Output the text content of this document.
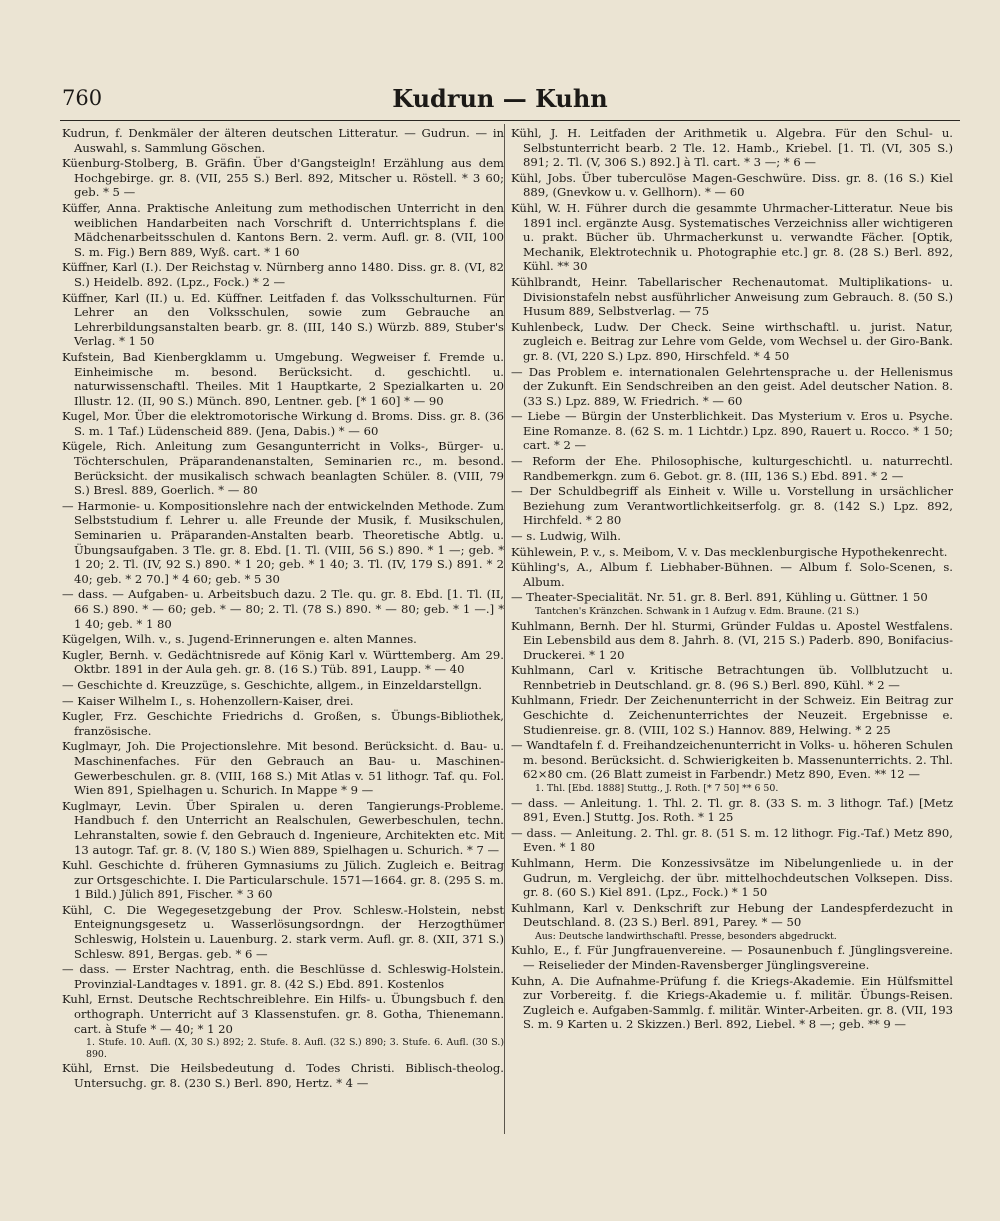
760	Kudrun — Kuhn

Kudrun, f. Denkmäler der älteren deutschen Litteratur. — Gudrun. — in Auswahl, s. Sammlung Göschen.

Küenburg-Stolberg, B. Gräfin. Über d'Gangsteigln! Erzählung aus dem Hochgebirge. gr. 8. (VII, 255 S.) Berl. 892, Mitscher u. Röstell. * 3 60; geb. * 5 —

Küffer, Anna. Praktische Anleitung zum methodischen Unterricht in den weiblichen Handarbeiten nach Vorschrift d. Unterrichtsplans f. die Mädchenarbeitsschulen d. Kantons Bern. 2. verm. Aufl. gr. 8. (VII, 100 S. m. Fig.) Bern 889, Wyß. cart. * 1 60

Küffner, Karl (I.). Der Reichstag v. Nürnberg anno 1480. Diss. gr. 8. (VI, 82 S.) Heidelb. 892. (Lpz., Fock.) * 2 —

Küffner, Karl (II.) u. Ed. Küffner. Leitfaden f. das Volksschulturnen. Für Lehrer an den Volksschulen, sowie zum Gebrauche an Lehrerbildungsanstalten bearb. gr. 8. (III, 140 S.) Würzb. 889, Stuber's Verlag. * 1 50

Kufstein, Bad Kienbergklamm u. Umgebung. Wegweiser f. Fremde u. Einheimische m. besond. Berücksicht. d. geschichtl. u. naturwissenschaftl. Theiles. Mit 1 Hauptkarte, 2 Spezialkarten u. 20 Illustr. 12. (II, 90 S.) Münch. 890, Lentner. geb. [* 1 60] * — 90

Kugel, Mor. Über die elektromotorische Wirkung d. Broms. Diss. gr. 8. (36 S. m. 1 Taf.) Lüdenscheid 889. (Jena, Dabis.) * — 60

Kügele, Rich. Anleitung zum Gesangunterricht in Volks-, Bürger- u. Töchterschulen, Präparandenanstalten, Seminarien rc., m. besond. Berücksicht. der musikalisch schwach beanlagten Schüler. 8. (VIII, 79 S.) Bresl. 889, Goerlich. * — 80

— Harmonie- u. Kompositionslehre nach der entwickelnden Methode. Zum Selbststudium f. Lehrer u. alle Freunde der Musik, f. Musikschulen, Seminarien u. Präparanden-Anstalten bearb. Theoretische Abtlg. u. Übungsaufgaben. 3 Tle. gr. 8. Ebd. [1. Tl. (VIII, 56 S.) 890. * 1 —; geb. * 1 20; 2. Tl. (IV, 92 S.) 890. * 1 20; geb. * 1 40; 3. Tl. (IV, 179 S.) 891. * 2 40; geb. * 2 70.] * 4 60; geb. * 5 30

— dass. — Aufgaben- u. Arbeitsbuch dazu. 2 Tle. qu. gr. 8. Ebd. [1. Tl. (II, 66 S.) 890. * — 60; geb. * — 80; 2. Tl. (78 S.) 890. * — 80; geb. * 1 —.] * 1 40; geb. * 1 80

Kügelgen, Wilh. v., s. Jugend-Erinnerungen e. alten Mannes.

Kugler, Bernh. v. Gedächtnisrede auf König Karl v. Württemberg. Am 29. Oktbr. 1891 in der Aula geh. gr. 8. (16 S.) Tüb. 891, Laupp. * — 40

— Geschichte d. Kreuzzüge, s. Geschichte, allgem., in Einzeldarstellgn.

— Kaiser Wilhelm I., s. Hohenzollern-Kaiser, drei.

Kugler, Frz. Geschichte Friedrichs d. Großen, s. Übungs-Bibliothek, französische.

Kuglmayr, Joh. Die Projectionslehre. Mit besond. Berücksicht. d. Bau- u. Maschinenfaches. Für den Gebrauch an Bau- u. Maschinen-Gewerbeschulen. gr. 8. (VIII, 168 S.) Mit Atlas v. 51 lithogr. Taf. qu. Fol. Wien 891, Spielhagen u. Schurich. In Mappe * 9 —

Kuglmayr, Levin. Über Spiralen u. deren Tangierungs-Probleme. Handbuch f. den Unterricht an Realschulen, Gewerbeschulen, techn. Lehranstalten, sowie f. den Gebrauch d. Ingenieure, Architekten etc. Mit 13 autogr. Taf. gr. 8. (V, 180 S.) Wien 889, Spielhagen u. Schurich. * 7 —

Kuhl. Geschichte d. früheren Gymnasiums zu Jülich. Zugleich e. Beitrag zur Ortsgeschichte. I. Die Particularschule. 1571—1664. gr. 8. (295 S. m. 1 Bild.) Jülich 891, Fischer. * 3 60

Kühl, C. Die Wegegesetzgebung der Prov. Schlesw.-Holstein, nebst Enteignungsgesetz u. Wasserlösungsordngn. der Herzogthümer Schleswig, Holstein u. Lauenburg. 2. stark verm. Aufl. gr. 8. (XII, 371 S.) Schlesw. 891, Bergas. geb. * 6 —

— dass. — Erster Nachtrag, enth. die Beschlüsse d. Schleswig-Holstein. Provinzial-Landtages v. 1891. gr. 8. (42 S.) Ebd. 891. Kostenlos

Kuhl, Ernst. Deutsche Rechtschreiblehre. Ein Hilfs- u. Übungsbuch f. den orthograph. Unterricht auf 3 Klassenstufen. gr. 8. Gotha, Thienemann. cart. à Stufe * — 40; * 1 20

1. Stufe. 10. Aufl. (X, 30 S.) 892; 2. Stufe. 8. Aufl. (32 S.) 890; 3. Stufe. 6. Aufl. (30 S.) 890.

Kühl, Ernst. Die Heilsbedeutung d. Todes Christi. Biblisch-theolog. Untersuchg. gr. 8. (230 S.) Berl. 890, Hertz. * 4 —

Kühl, J. H. Leitfaden der Arithmetik u. Algebra. Für den Schul- u. Selbstunterricht bearb. 2 Tle. 12. Hamb., Kriebel. [1. Tl. (VI, 305 S.) 891; 2. Tl. (V, 306 S.) 892.] à Tl. cart. * 3 —; * 6 —

Kühl, Jobs. Über tuberculöse Magen-Geschwüre. Diss. gr. 8. (16 S.) Kiel 889, (Gnevkow u. v. Gellhorn). * — 60

Kühl, W. H. Führer durch die gesammte Uhrmacher-Litteratur. Neue bis 1891 incl. ergänzte Ausg. Systematisches Verzeichniss aller wichtigeren u. prakt. Bücher üb. Uhrmacherkunst u. verwandte Fächer. [Optik, Mechanik, Elektrotechnik u. Photographie etc.] gr. 8. (28 S.) Berl. 892, Kühl. ** 30

Kühlbrandt, Heinr. Tabellarischer Rechenautomat. Multiplikations- u. Divisionstafeln nebst ausführlicher Anweisung zum Gebrauch. 8. (50 S.) Husum 889, Selbstverlag. — 75

Kuhlenbeck, Ludw. Der Check. Seine wirthschaftl. u. jurist. Natur, zugleich e. Beitrag zur Lehre vom Gelde, vom Wechsel u. der Giro-Bank. gr. 8. (VI, 220 S.) Lpz. 890, Hirschfeld. * 4 50

— Das Problem e. internationalen Gelehrtensprache u. der Hellenismus der Zukunft. Ein Sendschreiben an den geist. Adel deutscher Nation. 8. (33 S.) Lpz. 889, W. Friedrich. * — 60

— Liebe — Bürgin der Unsterblichkeit. Das Mysterium v. Eros u. Psyche. Eine Romanze. 8. (62 S. m. 1 Lichtdr.) Lpz. 890, Rauert u. Rocco. * 1 50; cart. * 2 —

— Reform der Ehe. Philosophische, kulturgeschichtl. u. naturrechtl. Randbemerkgn. zum 6. Gebot. gr. 8. (III, 136 S.) Ebd. 891. * 2 —

— Der Schuldbegriff als Einheit v. Wille u. Vorstellung in ursächlicher Beziehung zum Verantwortlichkeitserfolg. gr. 8. (142 S.) Lpz. 892, Hirchfeld. * 2 80

— s. Ludwig, Wilh.

Kühlewein, P. v., s. Meibom, V. v. Das mecklenburgische Hypothekenrecht.

Kühling's, A., Album f. Liebhaber-Bühnen. — Album f. Solo-Scenen, s. Album.

— Theater-Specialität. Nr. 51. gr. 8. Berl. 891, Kühling u. Güttner. 1 50

Tantchen's Kränzchen. Schwank in 1 Aufzug v. Edm. Braune. (21 S.)

Kuhlmann, Bernh. Der hl. Sturmi, Gründer Fuldas u. Apostel Westfalens. Ein Lebensbild aus dem 8. Jahrh. 8. (VI, 215 S.) Paderb. 890, Bonifacius-Druckerei. * 1 20

Kuhlmann, Carl v. Kritische Betrachtungen üb. Vollblutzucht u. Rennbetrieb in Deutschland. gr. 8. (96 S.) Berl. 890, Kühl. * 2 —

Kuhlmann, Friedr. Der Zeichenunterricht in der Schweiz. Ein Beitrag zur Geschichte d. Zeichenunterrichtes der Neuzeit. Ergebnisse e. Studienreise. gr. 8. (VIII, 102 S.) Hannov. 889, Helwing. * 2 25

— Wandtafeln f. d. Freihandzeichenunterricht in Volks- u. höheren Schulen m. besond. Berücksicht. d. Schwierigkeiten b. Massenunterrichts. 2. Thl. 62×80 cm. (26 Blatt zumeist in Farbendr.) Metz 890, Even. ** 12 —

1. Thl. [Ebd. 1888] Stuttg., J. Roth. [* 7 50] ** 6 50.

— dass. — Anleitung. 1. Thl. 2. Tl. gr. 8. (33 S. m. 3 lithogr. Taf.) [Metz 891, Even.] Stuttg. Jos. Roth. * 1 25

— dass. — Anleitung. 2. Thl. gr. 8. (51 S. m. 12 lithogr. Fig.-Taf.) Metz 890, Even. * 1 80

Kuhlmann, Herm. Die Konzessivsätze im Nibelungenliede u. in der Gudrun, m. Vergleichg. der übr. mittelhochdeutschen Volksepen. Diss. gr. 8. (60 S.) Kiel 891. (Lpz., Fock.) * 1 50

Kuhlmann, Karl v. Denkschrift zur Hebung der Landespferdezucht in Deutschland. 8. (23 S.) Berl. 891, Parey. * — 50

Aus: Deutsche landwirthschaftl. Presse, besonders abgedruckt.

Kuhlo, E., f. Für Jungfrauenvereine. — Posaunenbuch f. Jünglingsvereine. — Reiselieder der Minden-Ravensberger Jünglingsvereine.

Kuhn, A. Die Aufnahme-Prüfung f. die Kriegs-Akademie. Ein Hülfsmittel zur Vorbereitg. f. die Kriegs-Akademie u. f. militär. Übungs-Reisen. Zugleich e. Aufgaben-Sammlg. f. militär. Winter-Arbeiten. gr. 8. (VII, 193 S. m. 9 Karten u. 2 Skizzen.) Berl. 892, Liebel. * 8 —; geb. ** 9 —
